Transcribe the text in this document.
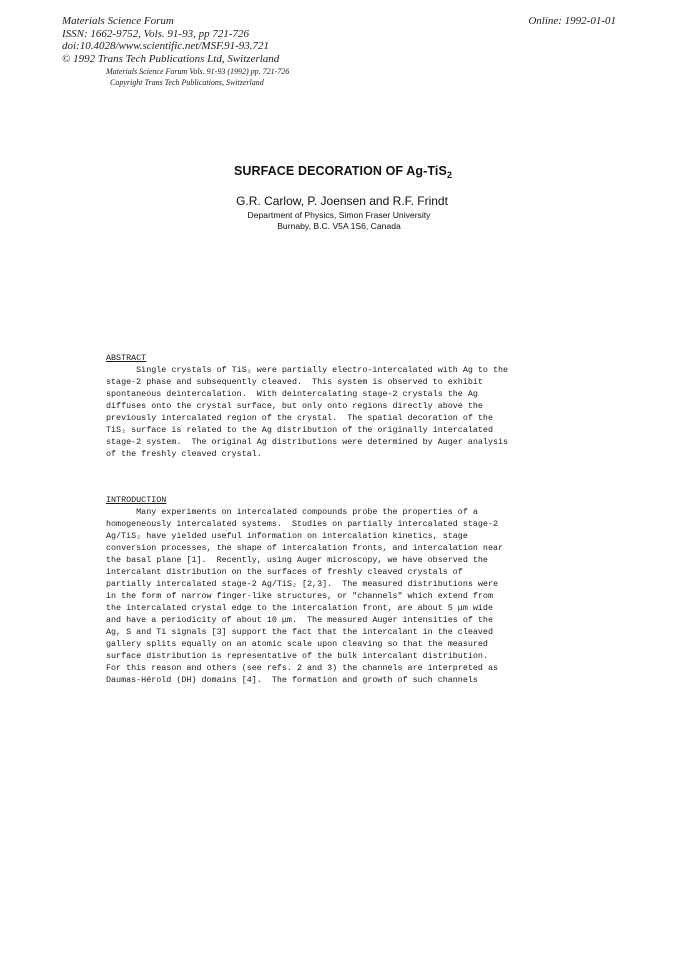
Materials Science Forum
ISSN: 1662-9752, Vols. 91-93, pp 721-726
doi:10.4028/www.scientific.net/MSF.91-93.721
© 1992 Trans Tech Publications Ltd, Switzerland
Online: 1992-01-01
Materials Science Forum Vols. 91-93 (1992) pp. 721-726
Copyright Trans Tech Publications, Switzerland
SURFACE DECORATION OF Ag-TiS$_2$
G.R. Carlow, P. Joensen and R.F. Frindt
Department of Physics, Simon Fraser University
Burnaby, B.C. V5A 1S6, Canada
ABSTRACT
Single crystals of TiS₂ were partially electro-intercalated with Ag to the
stage-2 phase and subsequently cleaved.  This system is observed to exhibit
spontaneous deintercalation.  With deintercalating stage-2 crystals the Ag
diffuses onto the crystal surface, but only onto regions directly above the
previously intercalated region of the crystal.  The spatial decoration of the
TiS₂ surface is related to the Ag distribution of the originally intercalated
stage-2 system.  The original Ag distributions were determined by Auger analysis
of the freshly cleaved crystal.
INTRODUCTION
Many experiments on intercalated compounds probe the properties of a
homogeneously intercalated systems.  Studies on partially intercalated stage-2
Ag/TiS₂ have yielded useful information on intercalation kinetics, stage
conversion processes, the shape of intercalation fronts, and intercalation near
the basal plane [1].  Recently, using Auger microscopy, we have observed the
intercalant distribution on the surfaces of freshly cleaved crystals of
partially intercalated stage-2 Ag/TiS₂ [2,3].  The measured distributions were
in the form of narrow finger-like structures, or "channels" which extend from
the intercalated crystal edge to the intercalation front, are about 5 μm wide
and have a periodicity of about 10 μm.  The measured Auger intensities of the
Ag, S and Ti signals [3] support the fact that the intercalant in the cleaved
gallery splits equally on an atomic scale upon cleaving so that the measured
surface distribution is representative of the bulk intercalant distribution.
For this reason and others (see refs. 2 and 3) the channels are interpreted as
Daumas-Hérold (DH) domains [4].  The formation and growth of such channels
